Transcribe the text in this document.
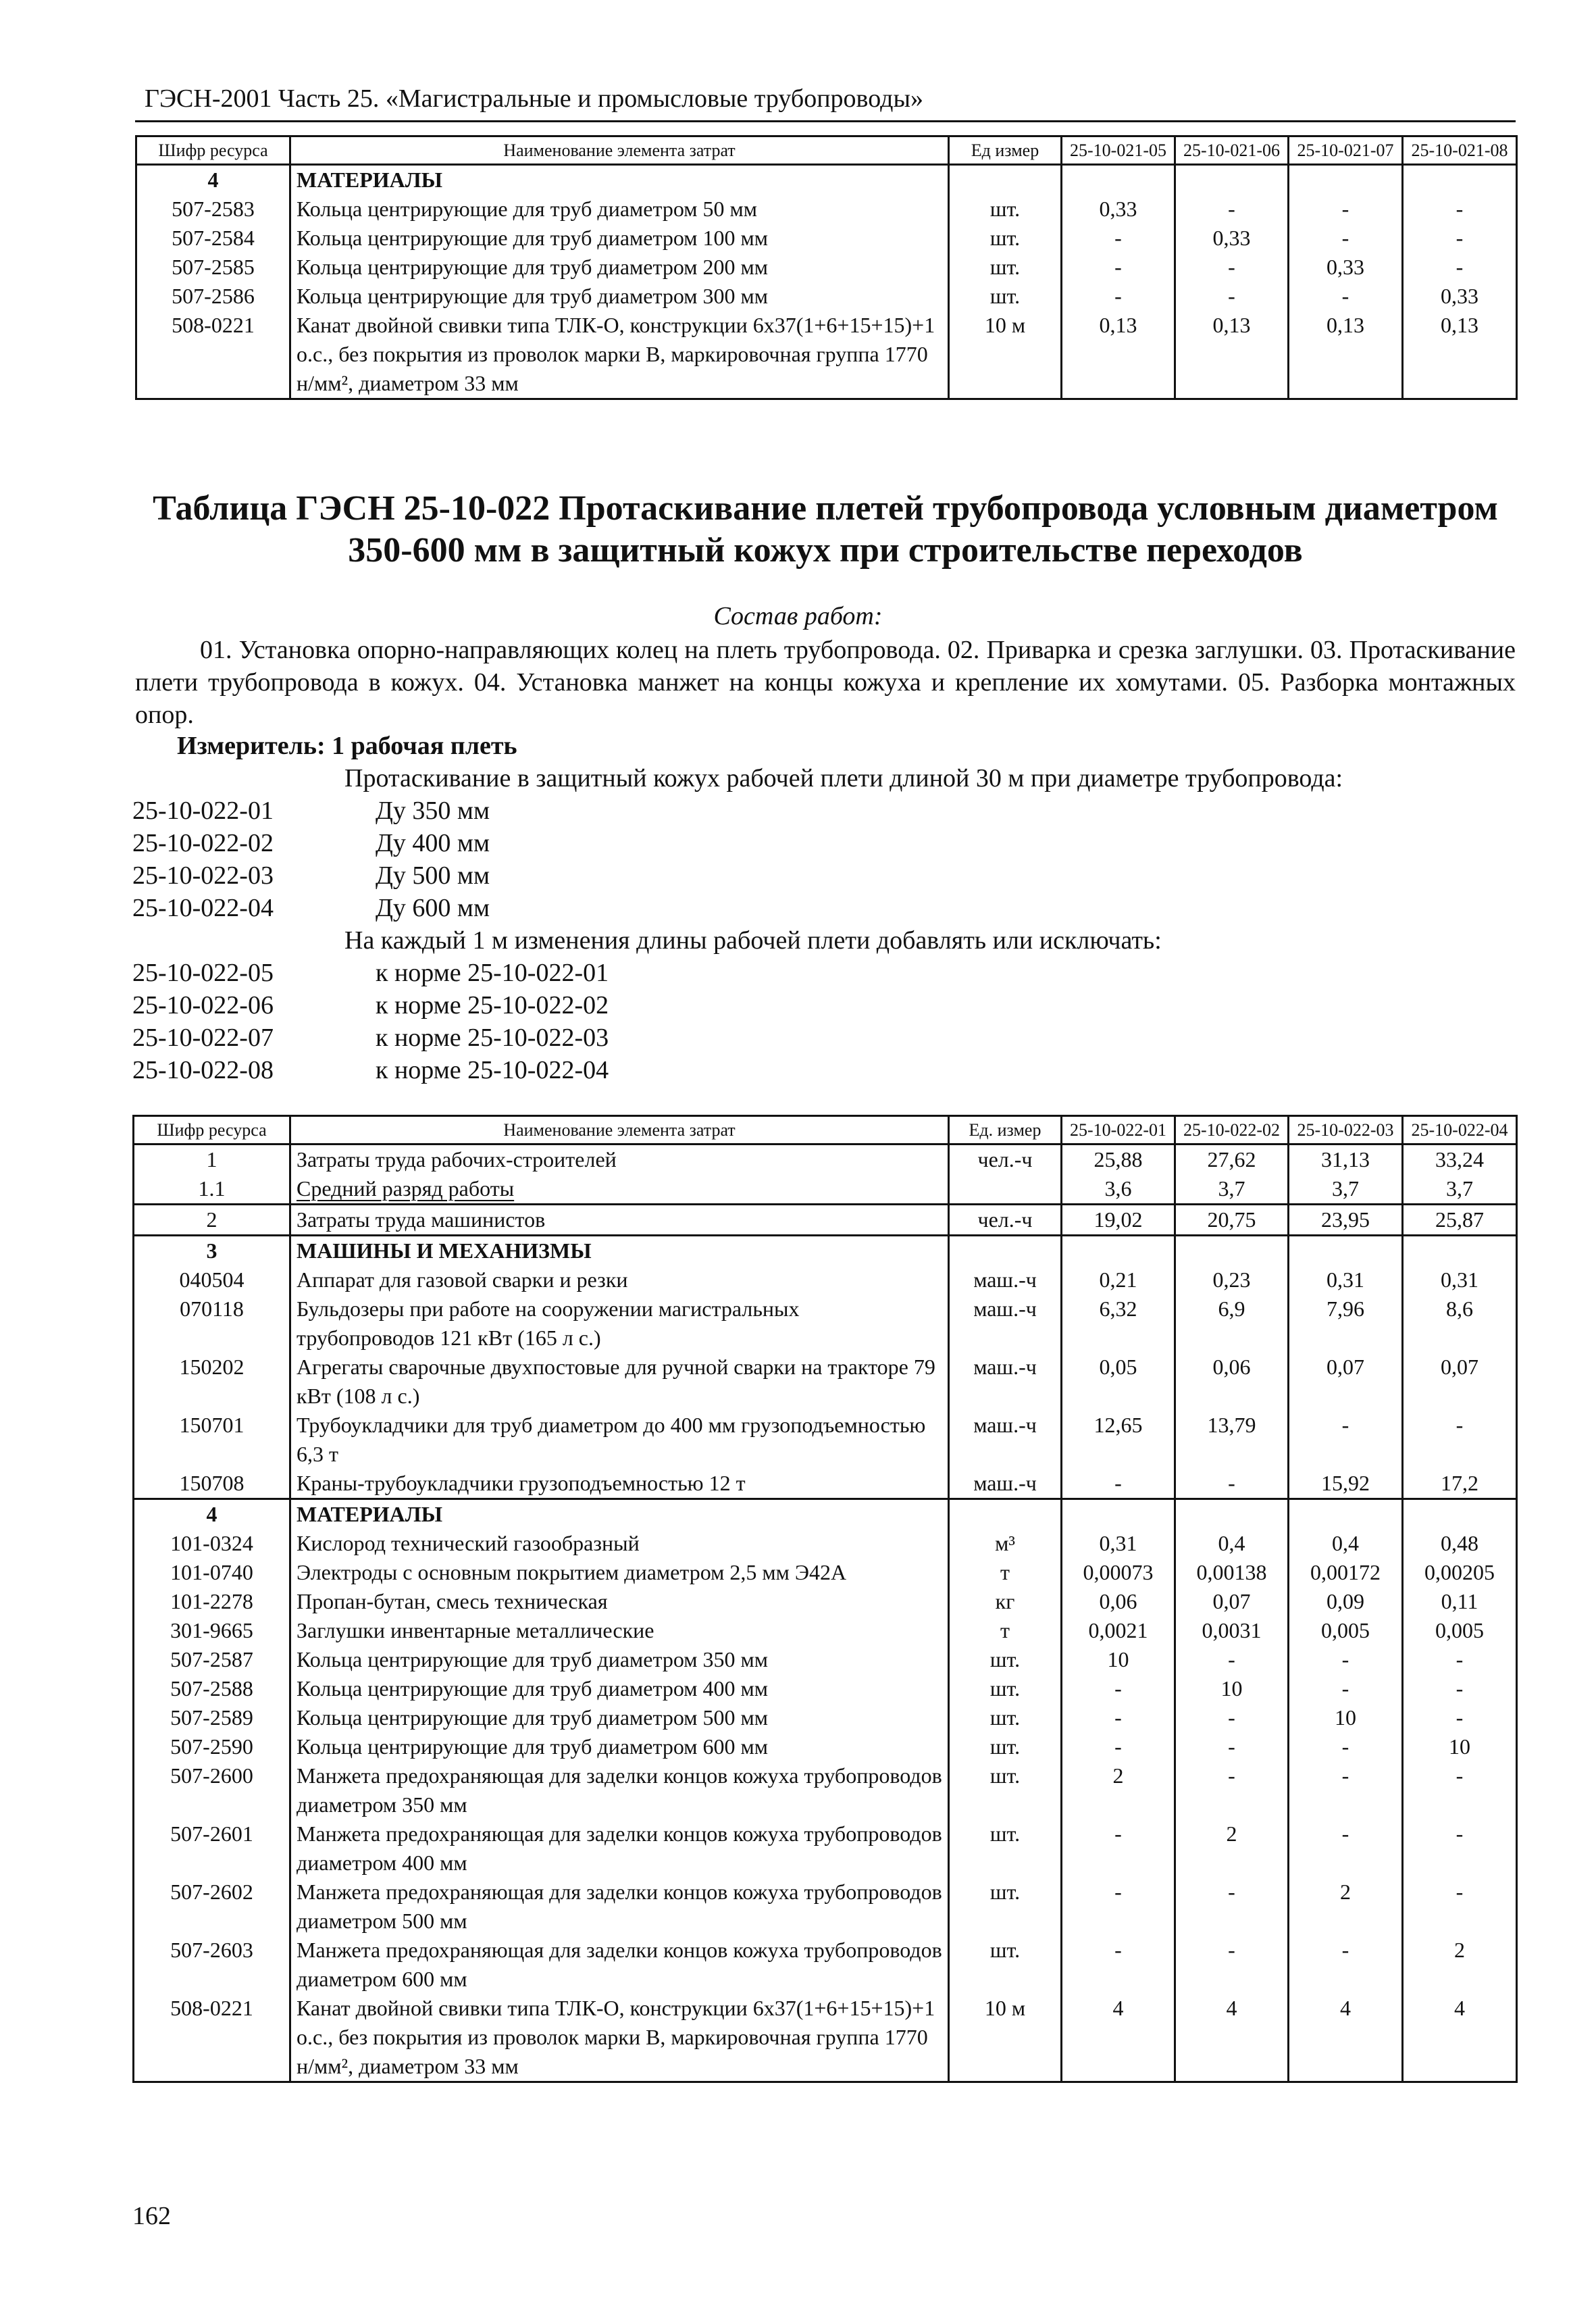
ГЭСН-2001 Часть 25. «Магистральные и промысловые трубопроводы»
Шифр ресурса	Наименование элемента затрат	Ед измер	25-10-021-05	25-10-021-06	25-10-021-07	25-10-021-08
4	МАТЕРИАЛЫ					
507-2583	Кольца центрирующие для труб диаметром 50 мм	шт.	0,33	-	-	-
507-2584	Кольца центрирующие для труб диаметром 100 мм	шт.	-	0,33	-	-
507-2585	Кольца центрирующие для труб диаметром 200 мм	шт.	-	-	0,33	-
507-2586	Кольца центрирующие для труб диаметром 300 мм	шт.	-	-	-	0,33
508-0221	Канат двойной свивки типа ТЛК-О, конструкции 6х37(1+6+15+15)+1 о.с., без покрытия из проволок марки В, маркировочная группа 1770 н/мм², диаметром 33 мм	10 м	0,13	0,13	0,13	0,13
Таблица ГЭСН 25-10-022 Протаскивание плетей трубопровода условным диаметром 350-600 мм в защитный кожух при строительстве переходов
Состав работ:
01. Установка опорно-направляющих колец на плеть трубопровода. 02. Приварка и срезка заглушки. 03. Протаскивание плети трубопровода в кожух. 04. Установка манжет на концы кожуха и крепление их хомутами. 05. Разборка монтажных опор.
Измеритель: 1 рабочая плеть
Протаскивание в защитный кожух рабочей плети длиной 30 м при диаметре трубопровода:
25-10-022-01	Ду 350 мм
25-10-022-02	Ду 400 мм
25-10-022-03	Ду 500 мм
25-10-022-04	Ду 600 мм
На каждый 1 м изменения длины рабочей плети добавлять или исключать:
25-10-022-05	к норме 25-10-022-01
25-10-022-06	к норме 25-10-022-02
25-10-022-07	к норме 25-10-022-03
25-10-022-08	к норме 25-10-022-04
Шифр ресурса	Наименование элемента затрат	Ед. измер	25-10-022-01	25-10-022-02	25-10-022-03	25-10-022-04
1	Затраты труда рабочих-строителей	чел.-ч	25,88	27,62	31,13	33,24
1.1	Средний разряд работы		3,6	3,7	3,7	3,7
2	Затраты труда машинистов	чел.-ч	19,02	20,75	23,95	25,87
3	МАШИНЫ И МЕХАНИЗМЫ					
040504	Аппарат для газовой сварки и резки	маш.-ч	0,21	0,23	0,31	0,31
070118	Бульдозеры при работе на сооружении магистральных трубопроводов 121 кВт (165 л с.)	маш.-ч	6,32	6,9	7,96	8,6
150202	Агрегаты сварочные двухпостовые для ручной сварки на тракторе 79 кВт (108 л с.)	маш.-ч	0,05	0,06	0,07	0,07
150701	Трубоукладчики для труб диаметром до 400 мм грузоподъемностью 6,3 т	маш.-ч	12,65	13,79	-	-
150708	Краны-трубоукладчики грузоподъемностью 12 т	маш.-ч	-	-	15,92	17,2
4	МАТЕРИАЛЫ					
101-0324	Кислород технический газообразный	м³	0,31	0,4	0,4	0,48
101-0740	Электроды с основным покрытием диаметром 2,5 мм Э42А	т	0,00073	0,00138	0,00172	0,00205
101-2278	Пропан-бутан, смесь техническая	кг	0,06	0,07	0,09	0,11
301-9665	Заглушки инвентарные металлические	т	0,0021	0,0031	0,005	0,005
507-2587	Кольца центрирующие для труб диаметром 350 мм	шт.	10	-	-	-
507-2588	Кольца центрирующие для труб диаметром 400 мм	шт.	-	10	-	-
507-2589	Кольца центрирующие для труб диаметром 500 мм	шт.	-	-	10	-
507-2590	Кольца центрирующие для труб диаметром 600 мм	шт.	-	-	-	10
507-2600	Манжета предохраняющая для заделки концов кожуха трубопроводов диаметром 350 мм	шт.	2	-	-	-
507-2601	Манжета предохраняющая для заделки концов кожуха трубопроводов диаметром 400 мм	шт.	-	2	-	-
507-2602	Манжета предохраняющая для заделки концов кожуха трубопроводов диаметром 500 мм	шт.	-	-	2	-
507-2603	Манжета предохраняющая для заделки концов кожуха трубопроводов диаметром 600 мм	шт.	-	-	-	2
508-0221	Канат двойной свивки типа ТЛК-О, конструкции 6х37(1+6+15+15)+1 о.с., без покрытия из проволок марки В, маркировочная группа 1770 н/мм², диаметром 33 мм	10 м	4	4	4	4
162
